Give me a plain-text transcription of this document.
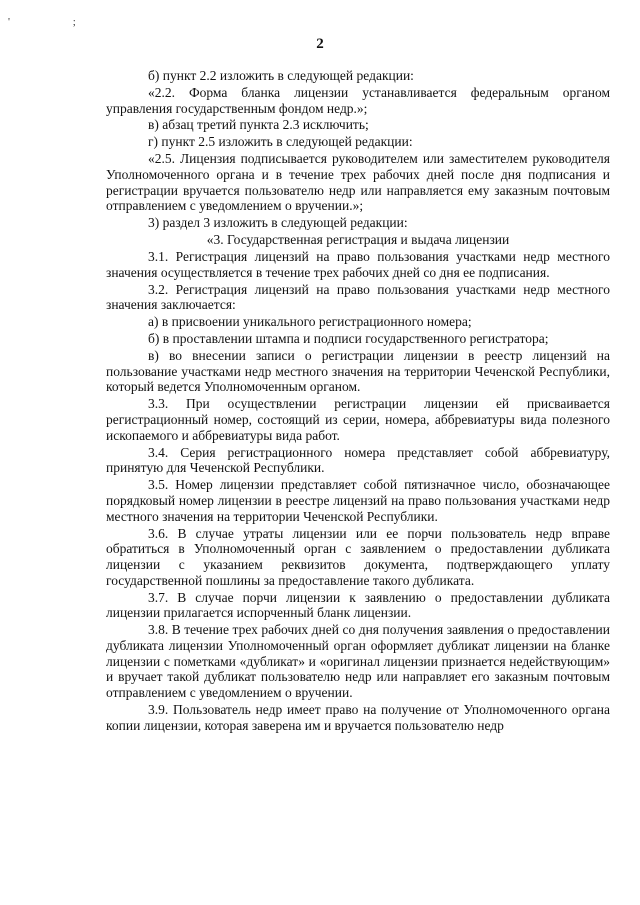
' ;
2

б) пункт 2.2 изложить в следующей редакции:

«2.2. Форма бланка лицензии устанавливается федеральным органом управления государственным фондом недр.»;

в) абзац третий пункта 2.3 исключить;

г) пункт 2.5 изложить в следующей редакции:

«2.5. Лицензия подписывается руководителем или заместителем руководителя Уполномоченного органа и в течение трех рабочих дней после дня подписания и регистрации вручается пользователю недр или направляется ему заказным почтовым отправлением с уведомлением о вручении.»;

3) раздел 3 изложить в следующей редакции:

«3. Государственная регистрация и выдача лицензии

3.1. Регистрация лицензий на право пользования участками недр местного значения осуществляется в течение трех рабочих дней со дня ее подписания.

3.2. Регистрация лицензий на право пользования участками недр местного значения заключается:

а) в присвоении уникального регистрационного номера;

б) в проставлении штампа и подписи государственного регистратора;

в) во внесении записи о регистрации лицензии в реестр лицензий на пользование участками недр местного значения на территории Чеченской Республики, который ведется Уполномоченным органом.

3.3. При осуществлении регистрации лицензии ей присваивается регистрационный номер, состоящий из серии, номера, аббревиатуры вида полезного ископаемого и аббревиатуры вида работ.

3.4. Серия регистрационного номера представляет собой аббревиатуру, принятую для Чеченской Республики.

3.5. Номер лицензии представляет собой пятизначное число, обозначающее порядковый номер лицензии в реестре лицензий на право пользования участками недр местного значения на территории Чеченской Республики.

3.6. В случае утраты лицензии или ее порчи пользователь недр вправе обратиться в Уполномоченный орган с заявлением о предоставлении дубликата лицензии с указанием реквизитов документа, подтверждающего уплату государственной пошлины за предоставление такого дубликата.

3.7. В случае порчи лицензии к заявлению о предоставлении дубликата лицензии прилагается испорченный бланк лицензии.

3.8. В течение трех рабочих дней со дня получения заявления о предоставлении дубликата лицензии Уполномоченный орган оформляет дубликат лицензии на бланке лицензии с пометками «дубликат» и «оригинал лицензии признается недействующим» и вручает такой дубликат пользователю недр или направляет его заказным почтовым отправлением с уведомлением о вручении.

3.9. Пользователь недр имеет право на получение от Уполномоченного органа копии лицензии, которая заверена им и вручается пользователю недр
